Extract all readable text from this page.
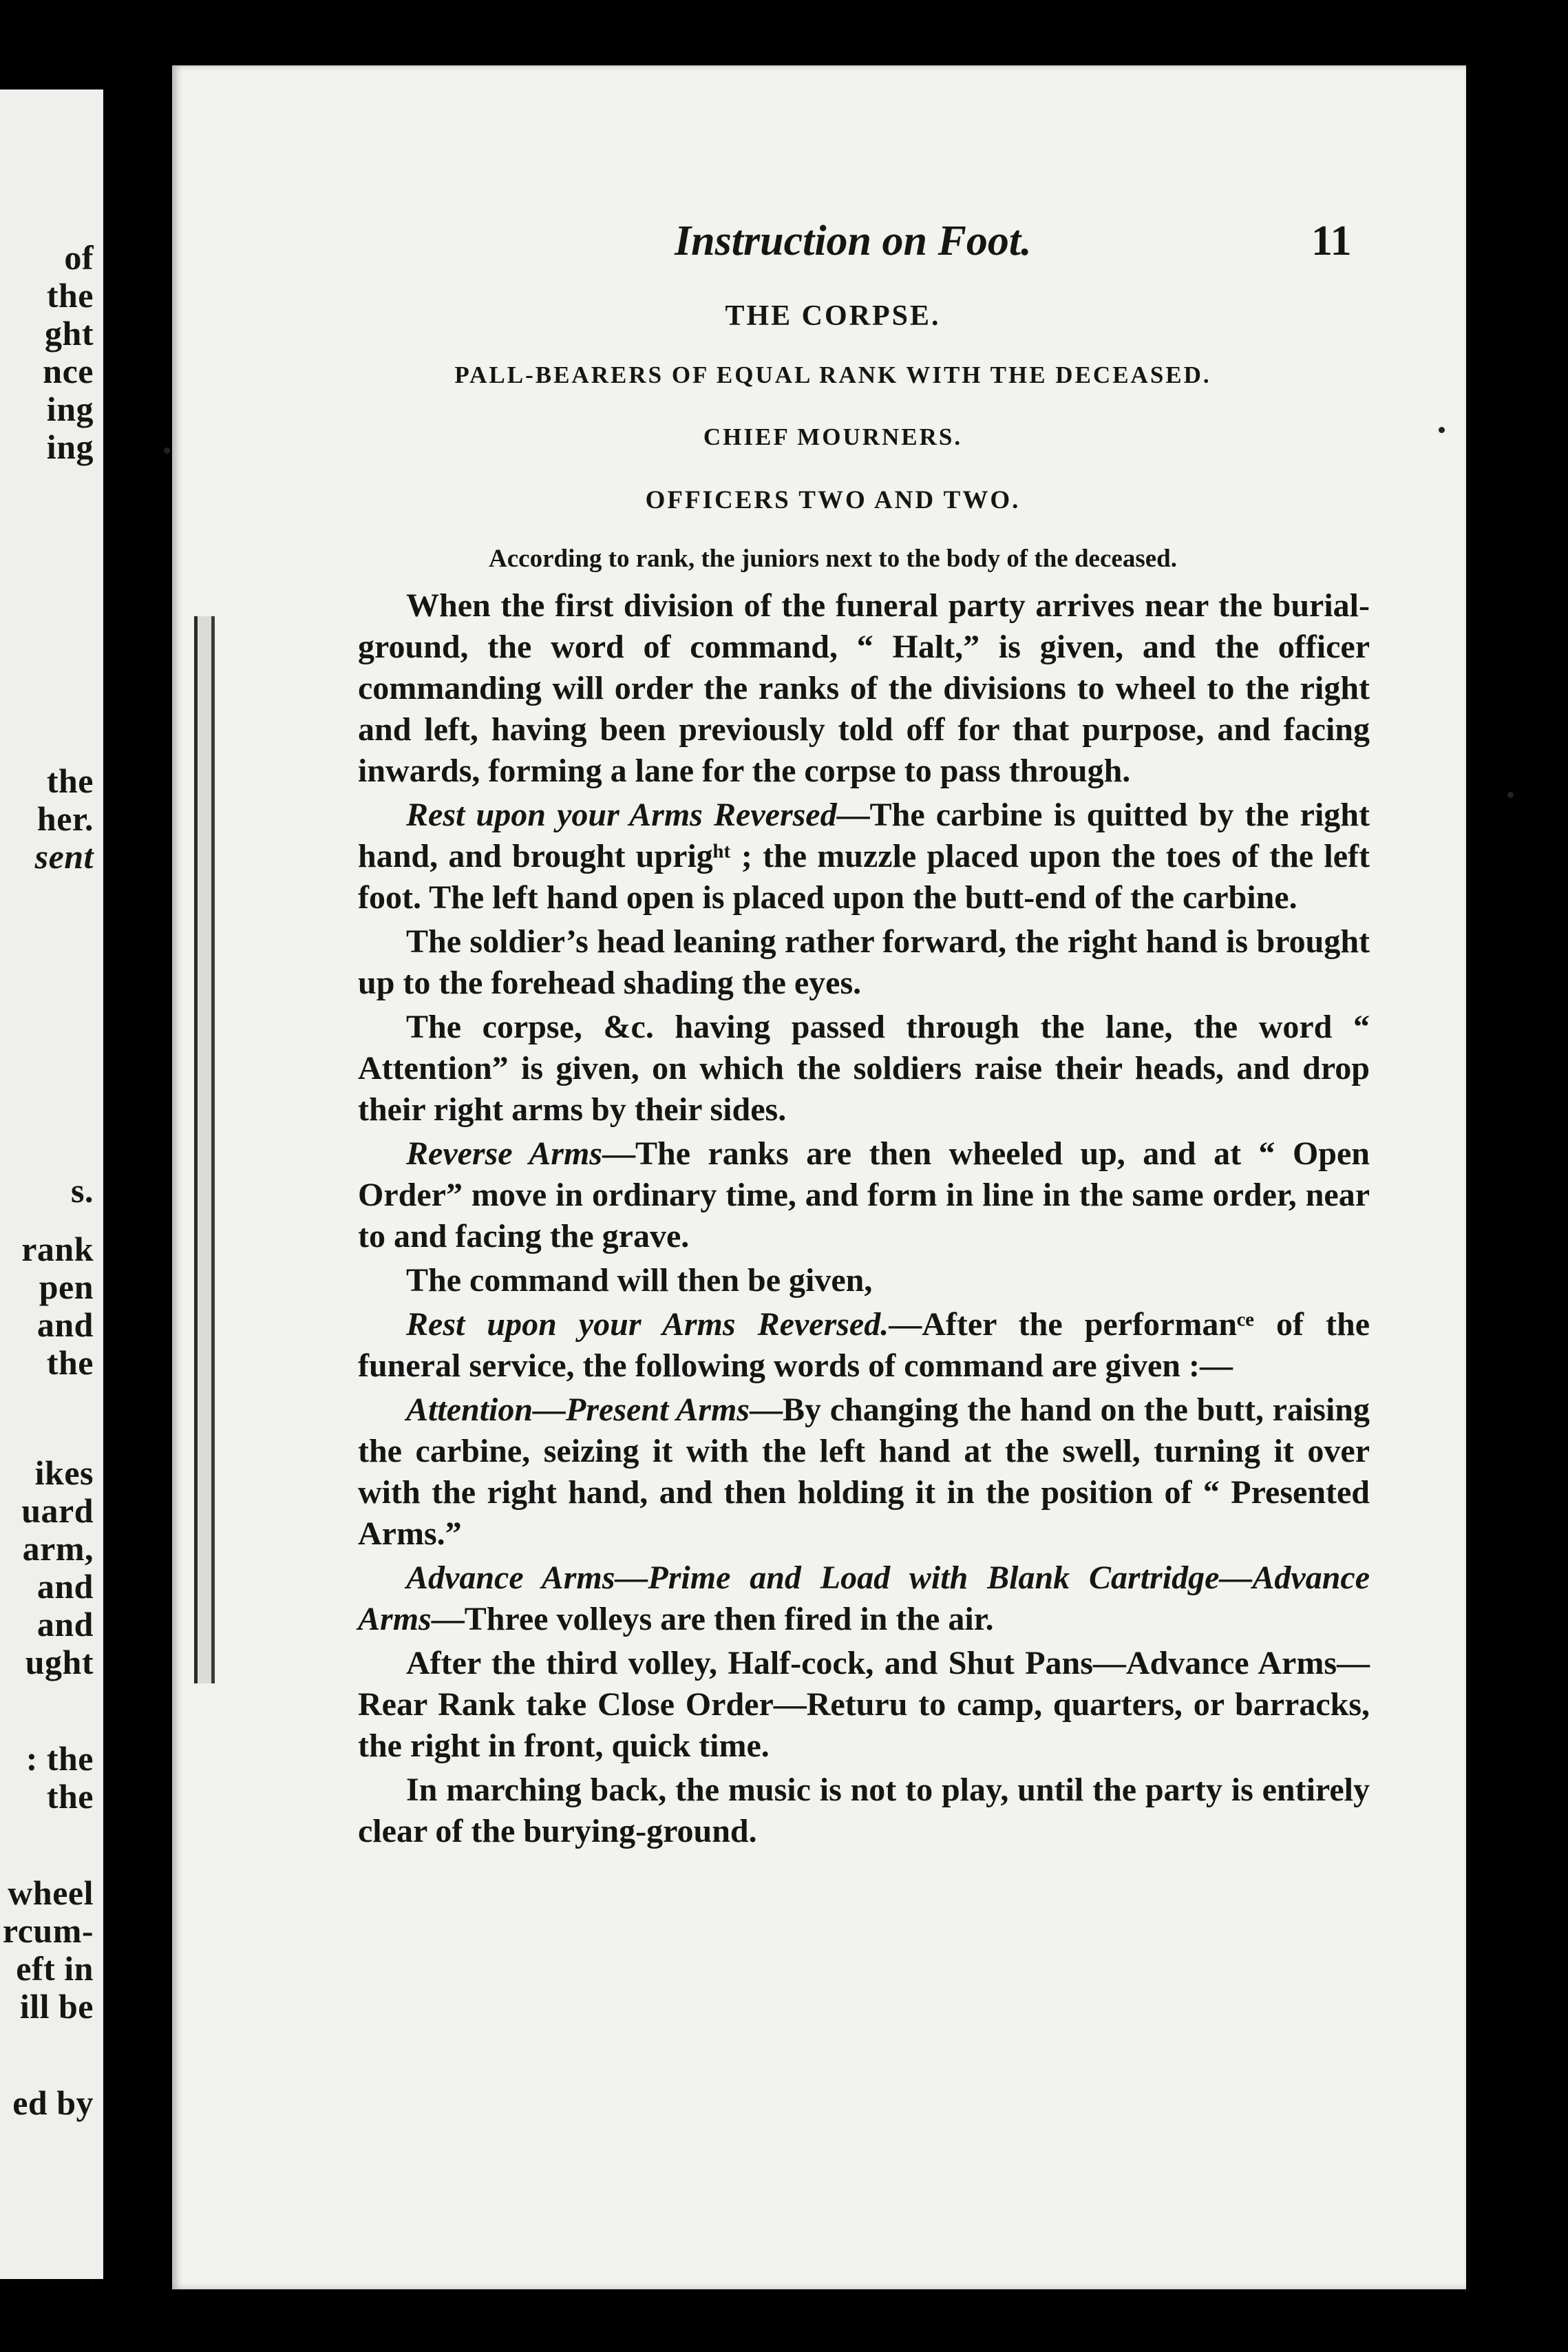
of
the
ght
nce
ing
ing
the
her.
sent
s.
rank
pen
and
the
ikes
uard
arm,
and
and
ught
: the
the
wheel
rcum-
eft in
ill be
ed by
Instruction on Foot.	11
THE CORPSE.
PALL-BEARERS OF EQUAL RANK WITH THE DECEASED.
CHIEF MOURNERS.
OFFICERS TWO AND TWO.
According to rank, the juniors next to the body of the deceased.

When the first division of the funeral party arrives near the burial-ground, the word of command, “ Halt,” is given, and the officer commanding will order the ranks of the divisions to wheel to the right and left, having been previously told off for that purpose, and facing inwards, forming a lane for the corpse to pass through.

Rest upon your Arms Reversed—The carbine is quitted by the right hand, and brought uprigʰᵗ ; the muzzle placed upon the toes of the left foot. The left hand open is placed upon the butt-end of the carbine.

The soldier’s head leaning rather forward, the right hand is brought up to the forehead shading the eyes.

The corpse, &c. having passed through the lane, the word “ Attention” is given, on which the soldiers raise their heads, and drop their right arms by their sides.

Reverse Arms—The ranks are then wheeled up, and at “ Open Order” move in ordinary time, and form in line in the same order, near to and facing the grave.

The command will then be given,

Rest upon your Arms Reversed.—After the performanᶜᵉ of the funeral service, the following words of command are given :—

Attention—Present Arms—By changing the hand on the butt, raising the carbine, seizing it with the left hand at the swell, turning it over with the right hand, and then holding it in the position of “ Presented Arms.”

Advance Arms—Prime and Load with Blank Cartridge—Advance Arms—Three volleys are then fired in the air.

After the third volley, Half-cock, and Shut Pans—Advance Arms—Rear Rank take Close Order—Returu to camp, quarters, or barracks, the right in front, quick time.

In marching back, the music is not to play, until the party is entirely clear of the burying-ground.
